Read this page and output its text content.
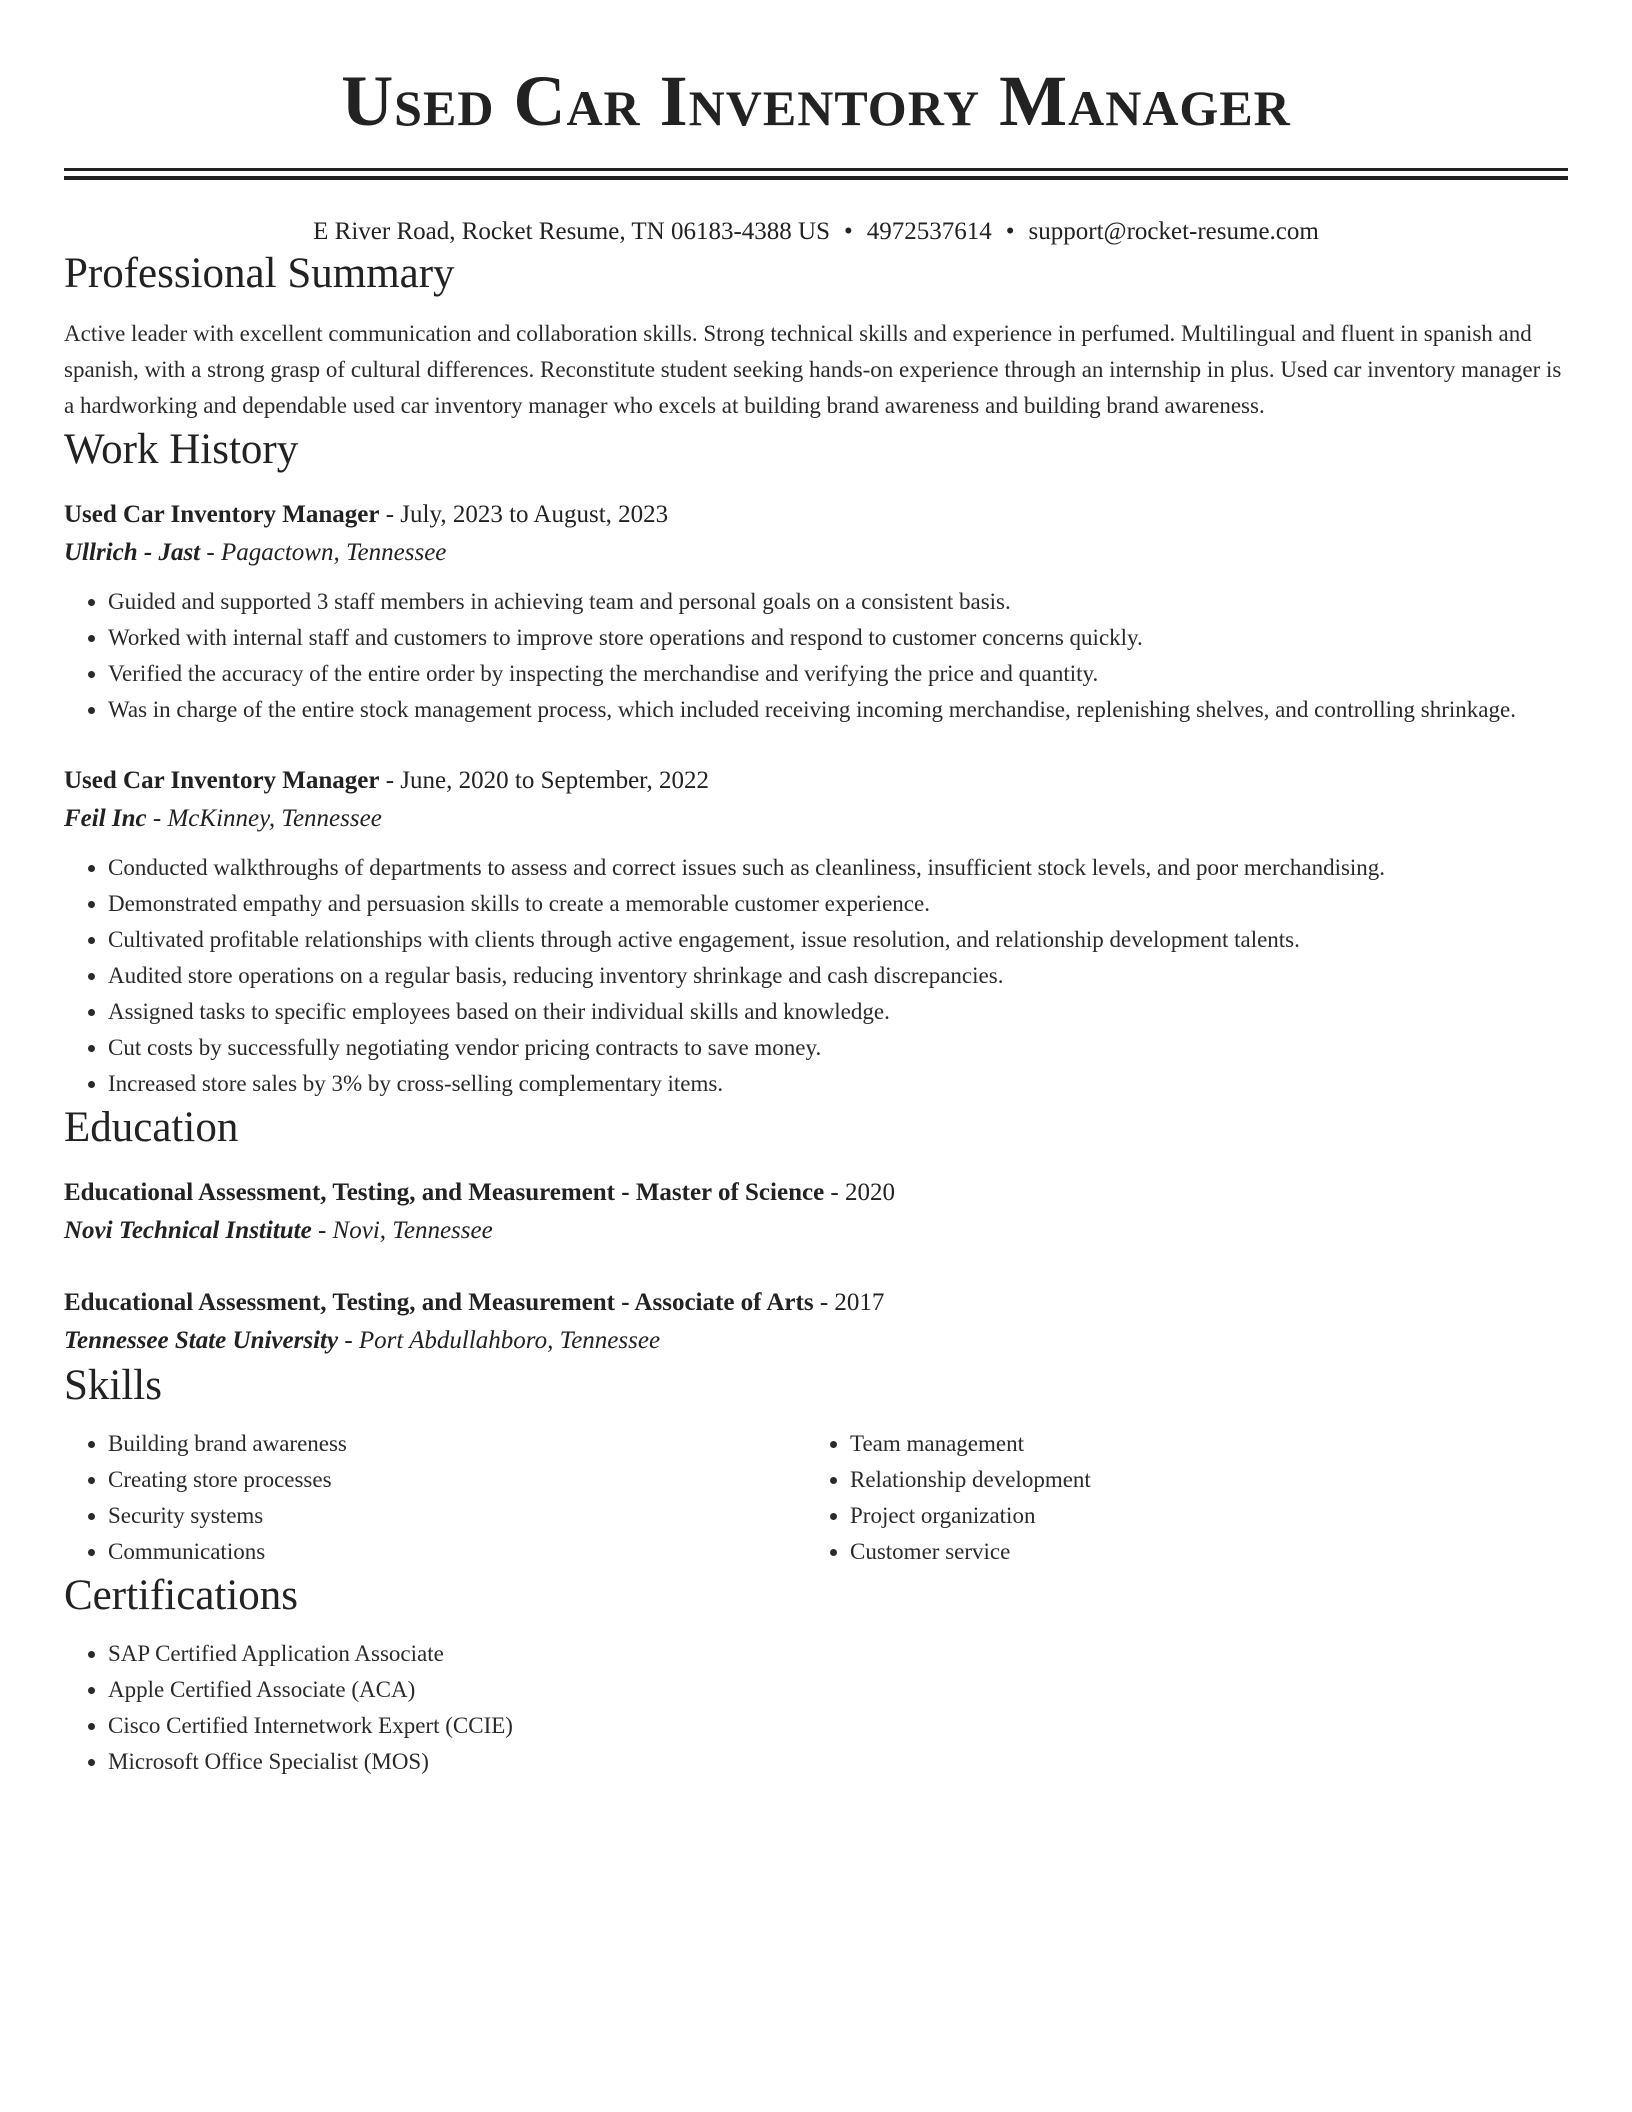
Used Car Inventory Manager
E River Road, Rocket Resume, TN 06183-4388 US • 4972537614 • support@rocket-resume.com
Professional Summary
Active leader with excellent communication and collaboration skills. Strong technical skills and experience in perfumed. Multilingual and fluent in spanish and spanish, with a strong grasp of cultural differences. Reconstitute student seeking hands-on experience through an internship in plus. Used car inventory manager is a hardworking and dependable used car inventory manager who excels at building brand awareness and building brand awareness.
Work History
Used Car Inventory Manager - July, 2023 to August, 2023
Ullrich - Jast - Pagactown, Tennessee
• Guided and supported 3 staff members in achieving team and personal goals on a consistent basis.
• Worked with internal staff and customers to improve store operations and respond to customer concerns quickly.
• Verified the accuracy of the entire order by inspecting the merchandise and verifying the price and quantity.
• Was in charge of the entire stock management process, which included receiving incoming merchandise, replenishing shelves, and controlling shrinkage.
Used Car Inventory Manager - June, 2020 to September, 2022
Feil Inc - McKinney, Tennessee
• Conducted walkthroughs of departments to assess and correct issues such as cleanliness, insufficient stock levels, and poor merchandising.
• Demonstrated empathy and persuasion skills to create a memorable customer experience.
• Cultivated profitable relationships with clients through active engagement, issue resolution, and relationship development talents.
• Audited store operations on a regular basis, reducing inventory shrinkage and cash discrepancies.
• Assigned tasks to specific employees based on their individual skills and knowledge.
• Cut costs by successfully negotiating vendor pricing contracts to save money.
• Increased store sales by 3% by cross-selling complementary items.
Education
Educational Assessment, Testing, and Measurement - Master of Science - 2020
Novi Technical Institute - Novi, Tennessee
Educational Assessment, Testing, and Measurement - Associate of Arts - 2017
Tennessee State University - Port Abdullahboro, Tennessee
Skills
• Building brand awareness
• Creating store processes
• Security systems
• Communications
• Team management
• Relationship development
• Project organization
• Customer service
Certifications
• SAP Certified Application Associate
• Apple Certified Associate (ACA)
• Cisco Certified Internetwork Expert (CCIE)
• Microsoft Office Specialist (MOS)
